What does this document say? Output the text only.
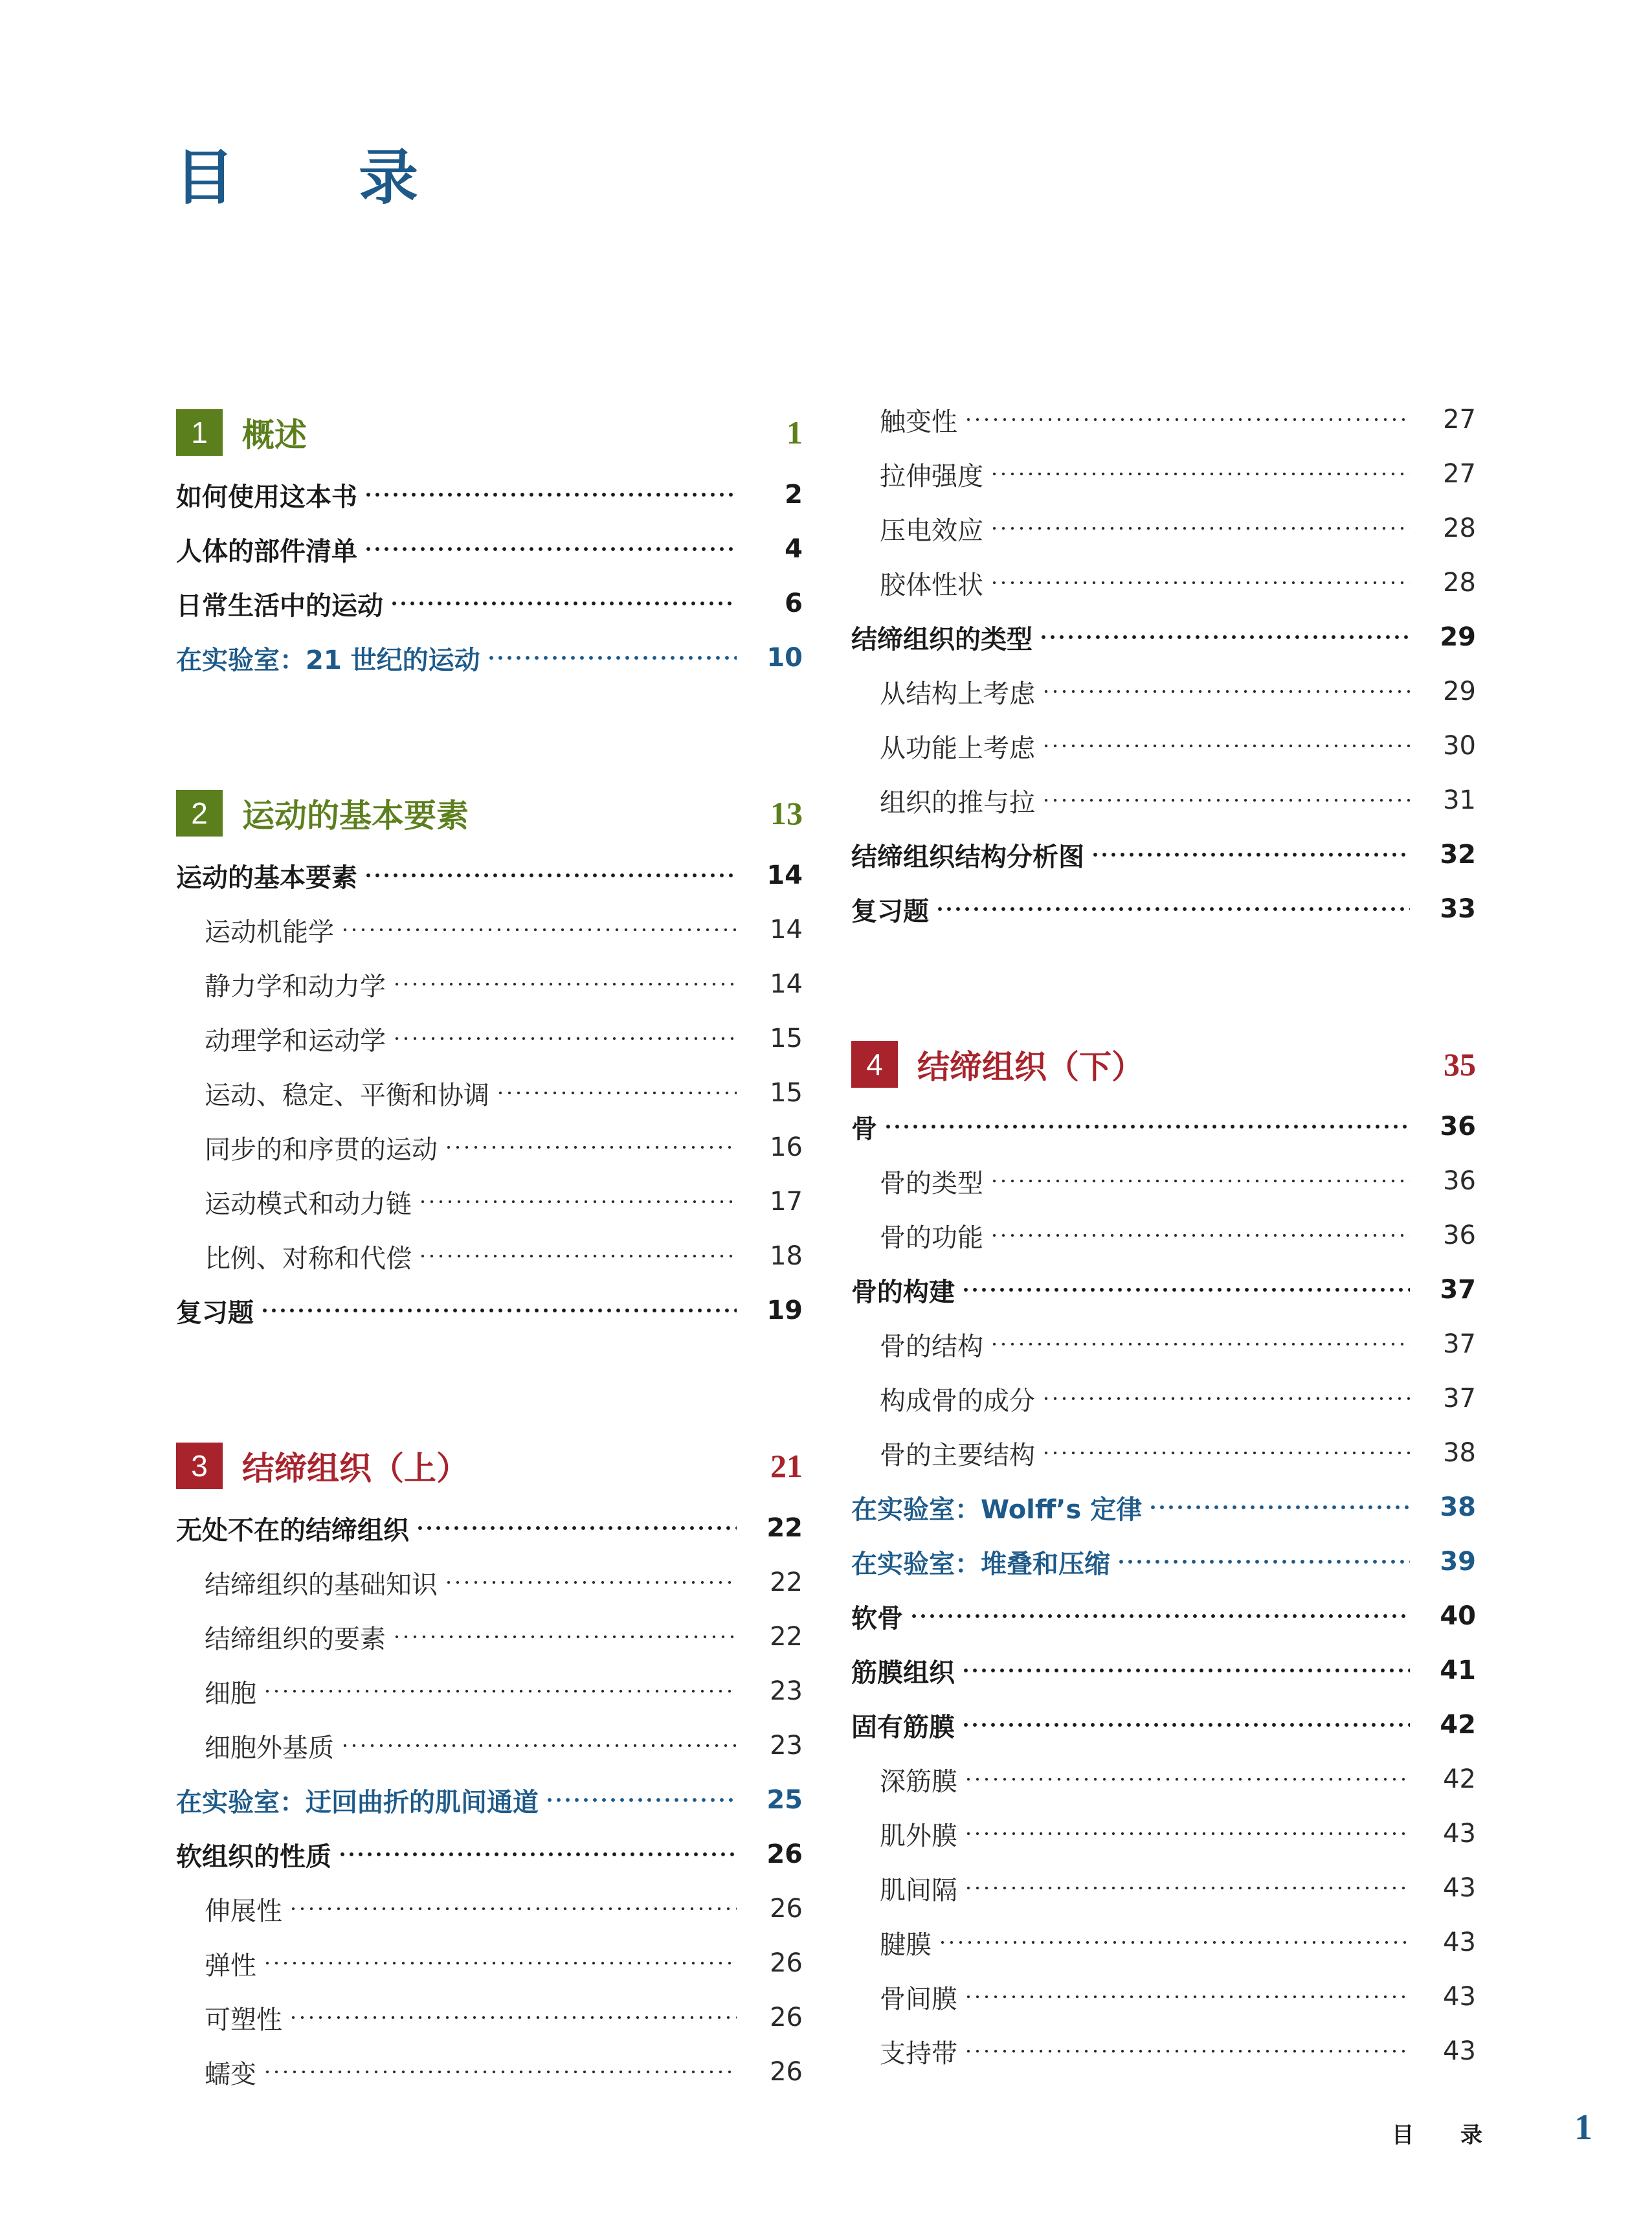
目 录
1	概述	1
如何使用这本书	2
人体的部件清单	4
日常生活中的运动	6
在实验室：21 世纪的运动	10
2	运动的基本要素	13
运动的基本要素	14
运动机能学	14
静力学和动力学	14
动理学和运动学	15
运动、稳定、平衡和协调	15
同步的和序贯的运动	16
运动模式和动力链	17
比例、对称和代偿	18
复习题	19
3	结缔组织（上）	21
无处不在的结缔组织	22
结缔组织的基础知识	22
结缔组织的要素	22
细胞	23
细胞外基质	23
在实验室：迂回曲折的肌间通道	25
软组织的性质	26
伸展性	26
弹性	26
可塑性	26
蠕变	26
触变性	27
拉伸强度	27
压电效应	28
胶体性状	28
结缔组织的类型	29
从结构上考虑	29
从功能上考虑	30
组织的推与拉	31
结缔组织结构分析图	32
复习题	33
4	结缔组织（下）	35
骨	36
骨的类型	36
骨的功能	36
骨的构建	37
骨的结构	37
构成骨的成分	37
骨的主要结构	38
在实验室：Wolff’s 定律	38
在实验室：堆叠和压缩	39
软骨	40
筋膜组织	41
固有筋膜	42
深筋膜	42
肌外膜	43
肌间隔	43
腱膜	43
骨间膜	43
支持带	43
目 录 1
